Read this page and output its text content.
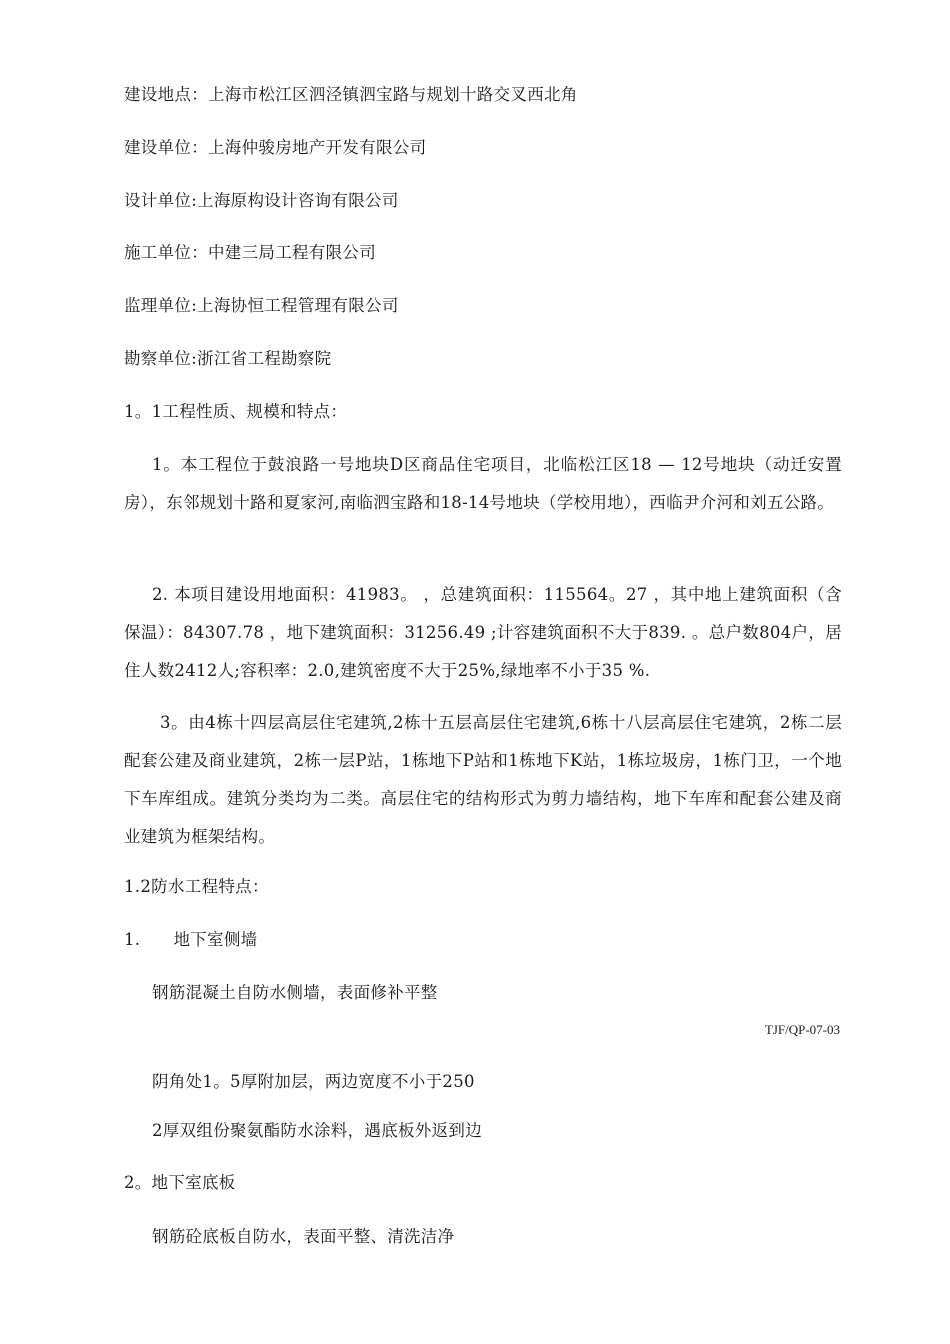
建设地点：上海市松江区泗泾镇泗宝路与规划十路交叉西北角
建设单位：上海仲骏房地产开发有限公司
设计单位:上海原构设计咨询有限公司
施工单位：中建三局工程有限公司
监理单位:上海协恒工程管理有限公司
勘察单位:浙江省工程勘察院
1。1工程性质、规模和特点：
1。本工程位于鼓浪路一号地块D区商品住宅项目，北临松江区18 — 12号地块（动迁安置房），东邻规划十路和夏家河,南临泗宝路和18-14号地块（学校用地），西临尹介河和刘五公路。
2. 本项目建设用地面积：41983。 ，总建筑面积：115564。27 ，其中地上建筑面积（含保温）：84307.78 ，地下建筑面积：31256.49 ;计容建筑面积不大于839. 。总户数804户，居住人数2412人;容积率：2.0,建筑密度不大于25%,绿地率不小于35 %.
3。由4栋十四层高层住宅建筑,2栋十五层高层住宅建筑,6栋十八层高层住宅建筑，2栋二层配套公建及商业建筑，2栋一层P站，1栋地下P站和1栋地下K站，1栋垃圾房，1栋门卫，一个地下车库组成。建筑分类均为二类。高层住宅的结构形式为剪力墙结构，地下车库和配套公建及商业建筑为框架结构。
1.2防水工程特点：
1. 地下室侧墙
钢筋混凝土自防水侧墙，表面修补平整
TJF/QP-07-03
阴角处1。5厚附加层，两边宽度不小于250
2厚双组份聚氨酯防水涂料，遇底板外返到边
2。地下室底板
钢筋砼底板自防水，表面平整、清洗洁净
